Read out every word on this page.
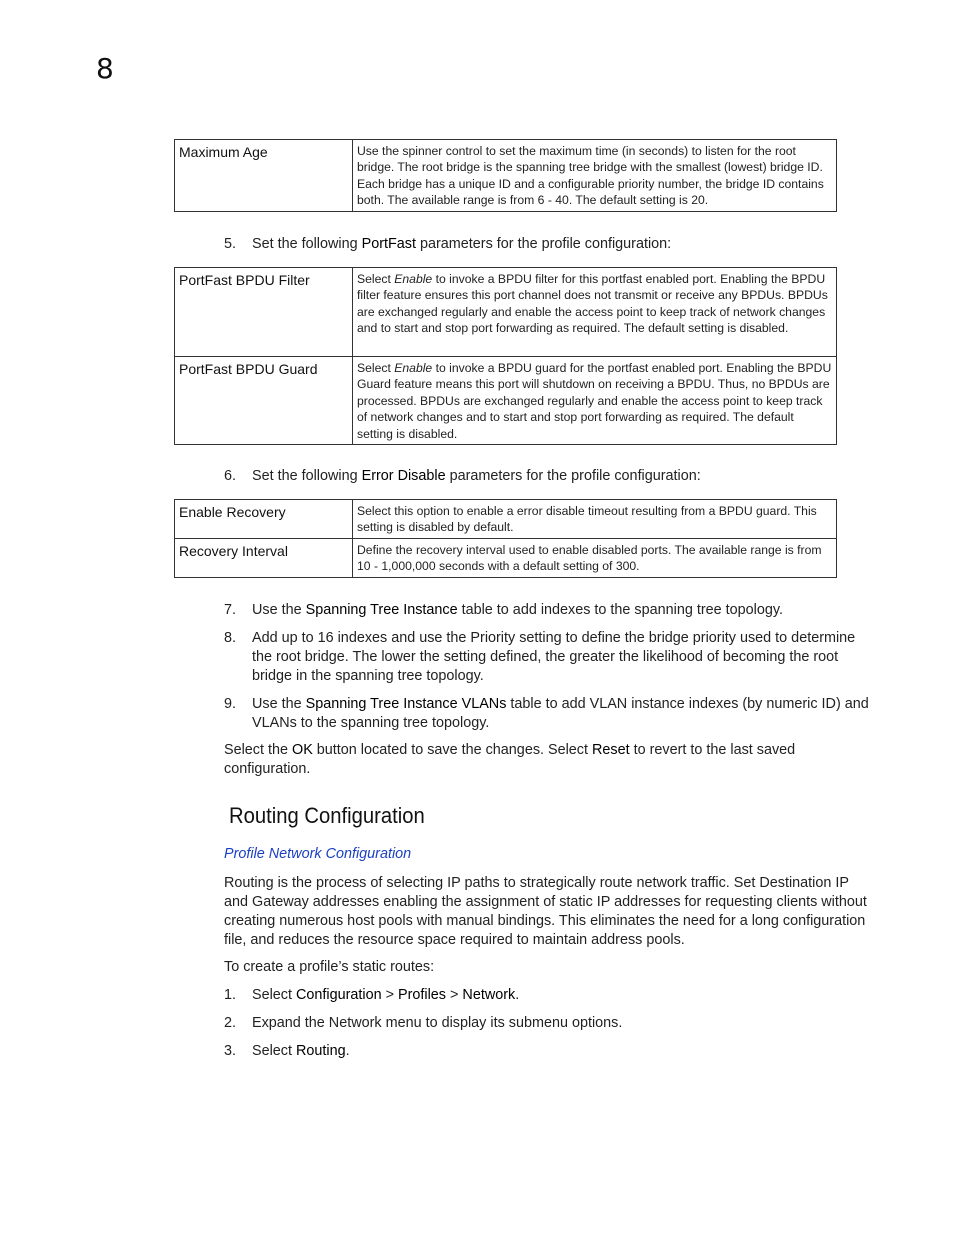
8
Maximum Age	Use the spinner control to set the maximum time (in seconds) to listen for the root bridge. The root bridge is the spanning tree bridge with the smallest (lowest) bridge ID. Each bridge has a unique ID and a configurable priority number, the bridge ID contains both. The available range is from 6 - 40. The default setting is 20.
5. Set the following PortFast parameters for the profile configuration:
PortFast BPDU Filter	Select Enable to invoke a BPDU filter for this portfast enabled port. Enabling the BPDU filter feature ensures this port channel does not transmit or receive any BPDUs. BPDUs are exchanged regularly and enable the access point to keep track of network changes and to start and stop port forwarding as required. The default setting is disabled.
PortFast BPDU Guard	Select Enable to invoke a BPDU guard for the portfast enabled port. Enabling the BPDU Guard feature means this port will shutdown on receiving a BPDU. Thus, no BPDUs are processed. BPDUs are exchanged regularly and enable the access point to keep track of network changes and to start and stop port forwarding as required. The default setting is disabled.
6. Set the following Error Disable parameters for the profile configuration:
Enable Recovery	Select this option to enable a error disable timeout resulting from a BPDU guard. This setting is disabled by default.
Recovery Interval	Define the recovery interval used to enable disabled ports. The available range is from 10 - 1,000,000 seconds with a default setting of 300.
7. Use the Spanning Tree Instance table to add indexes to the spanning tree topology.
8. Add up to 16 indexes and use the Priority setting to define the bridge priority used to determine the root bridge. The lower the setting defined, the greater the likelihood of becoming the root bridge in the spanning tree topology.
9. Use the Spanning Tree Instance VLANs table to add VLAN instance indexes (by numeric ID) and VLANs to the spanning tree topology.
Select the OK button located to save the changes. Select Reset to revert to the last saved configuration.
Routing Configuration
Profile Network Configuration
Routing is the process of selecting IP paths to strategically route network traffic. Set Destination IP and Gateway addresses enabling the assignment of static IP addresses for requesting clients without creating numerous host pools with manual bindings. This eliminates the need for a long configuration file, and reduces the resource space required to maintain address pools.
To create a profile’s static routes:
1. Select Configuration > Profiles > Network.
2. Expand the Network menu to display its submenu options.
3. Select Routing.
